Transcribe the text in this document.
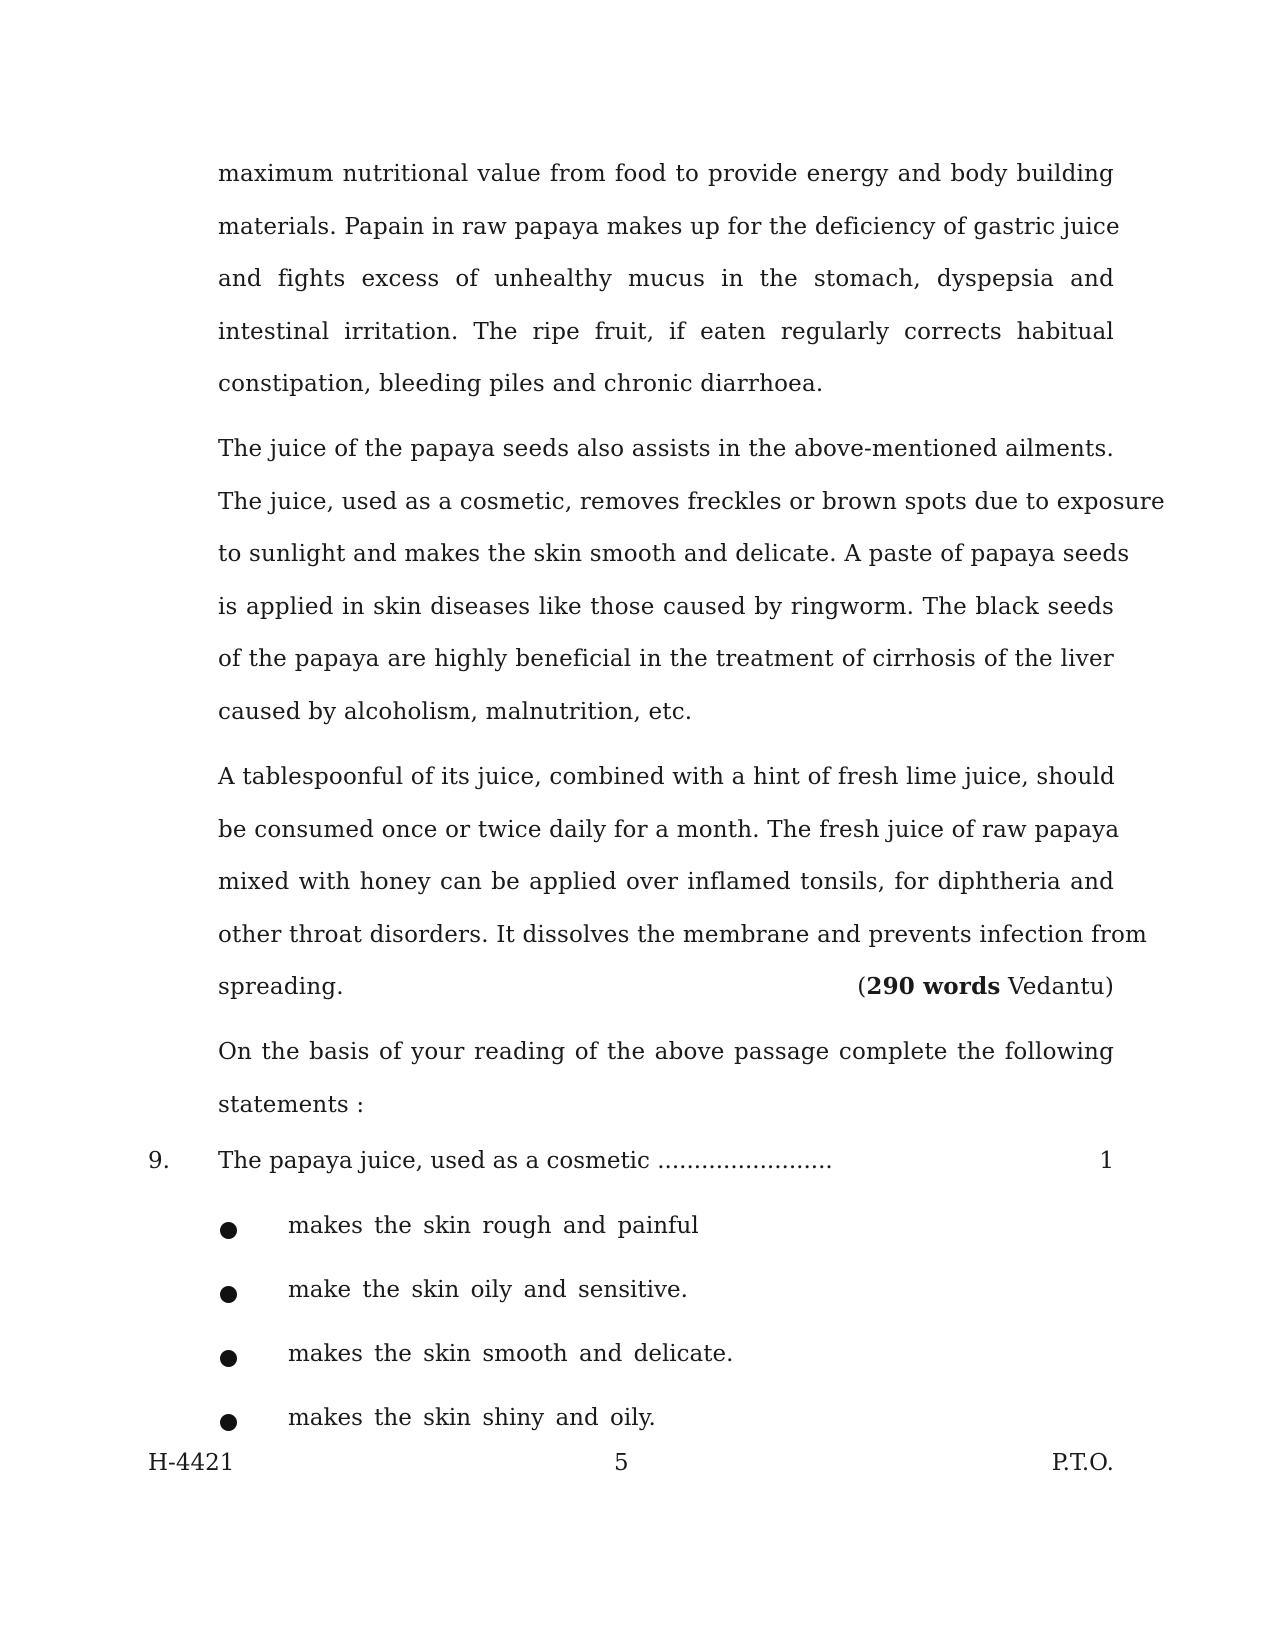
maximum nutritional value from food to provide energy and body building
materials. Papain in raw papaya makes up for the deficiency of gastric juice
and fights excess of unhealthy mucus in the stomach, dyspepsia and
intestinal irritation. The ripe fruit, if eaten regularly corrects habitual
constipation, bleeding piles and chronic diarrhoea.
The juice of the papaya seeds also assists in the above-mentioned ailments.
The juice, used as a cosmetic, removes freckles or brown spots due to exposure
to sunlight and makes the skin smooth and delicate. A paste of papaya seeds
is applied in skin diseases like those caused by ringworm. The black seeds
of the papaya are highly beneficial in the treatment of cirrhosis of the liver
caused by alcoholism, malnutrition, etc.
A tablespoonful of its juice, combined with a hint of fresh lime juice, should
be consumed once or twice daily for a month. The fresh juice of raw papaya
mixed with honey can be applied over inflamed tonsils, for diphtheria and
other throat disorders. It dissolves the membrane and prevents infection from
spreading.	(290 words Vedantu)
On the basis of your reading of the above passage complete the following
statements :
9. The papaya juice, used as a cosmetic ........................	1
makes the skin rough and painful
make the skin oily and sensitive.
makes the skin smooth and delicate.
makes the skin shiny and oily.
H-4421	5	P.T.O.
